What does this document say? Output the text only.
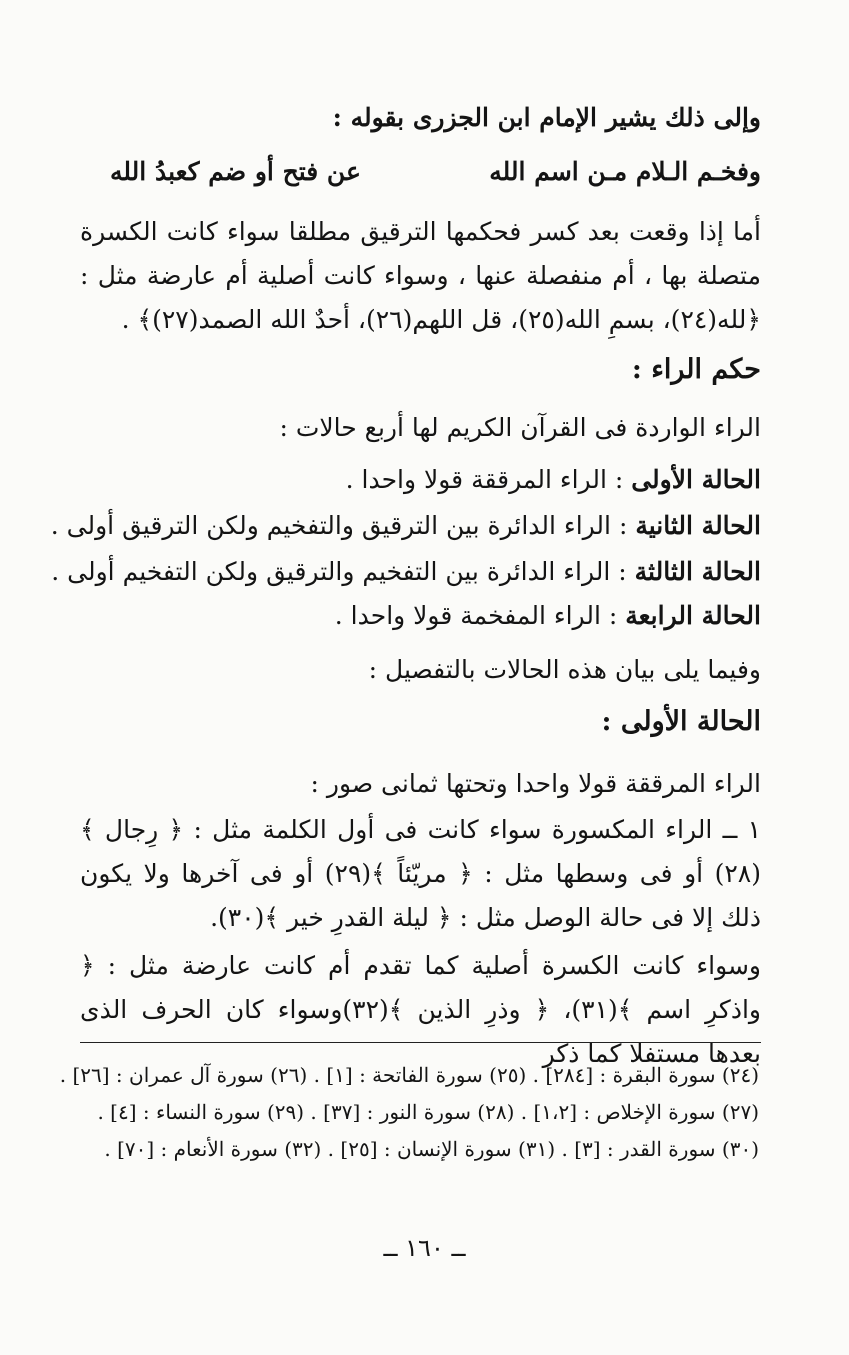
وإلى ذلك يشير الإمام ابن الجزرى بقوله :
وفخـم الـلام مـن اسم الله
عن فتح أو ضم كعبدُ الله
أما إذا وقعت بعد كسر فحكمها الترقيق مطلقا سواء كانت الكسرة متصلة بها ، أم منفصلة عنها ، وسواء كانت أصلية أم عارضة مثل : ﴿لله(٢٤)، بسمِ الله(٢٥)، قل اللهم(٢٦)، أحدٌ الله الصمد(٢٧)﴾ .
حكم الراء :
الراء الواردة فى القرآن الكريم لها أربع حالات :
الحالة الأولى : الراء المرققة قولا واحدا .
الحالة الثانية : الراء الدائرة بين الترقيق والتفخيم ولكن الترقيق أولى .
الحالة الثالثة : الراء الدائرة بين التفخيم والترقيق ولكن التفخيم أولى .
الحالة الرابعة : الراء المفخمة قولا واحدا .
وفيما يلى بيان هذه الحالات بالتفصيل :
الحالة الأولى :
الراء المرققة قولا واحدا وتحتها ثمانى صور :
١ ــ الراء المكسورة سواء كانت فى أول الكلمة مثل : ﴿ رِجال ﴾(٢٨) أو فى وسطها مثل : ﴿ مريّئاً ﴾(٢٩) أو فى آخرها ولا يكون ذلك إلا فى حالة الوصل مثل : ﴿ ليلة القدرِ خير ﴾(٣٠).
وسواء كانت الكسرة أصلية كما تقدم أم كانت عارضة مثل : ﴿ واذكرِ اسم ﴾(٣١)، ﴿ وذرِ الذين ﴾(٣٢)وسواء كان الحرف الذى بعدها مستفلا كما ذكر
(٢٤) سورة البقرة : [٢٨٤] . (٢٥) سورة الفاتحة : [١] . (٢٦) سورة آل عمران : [٢٦] .
(٢٧) سورة الإخلاص : [١،٢] . (٢٨) سورة النور : [٣٧] . (٢٩) سورة النساء : [٤] .
(٣٠) سورة القدر : [٣] . (٣١) سورة الإنسان : [٢٥] . (٣٢) سورة الأنعام : [٧٠] .
ــ ١٦٠ ــ
